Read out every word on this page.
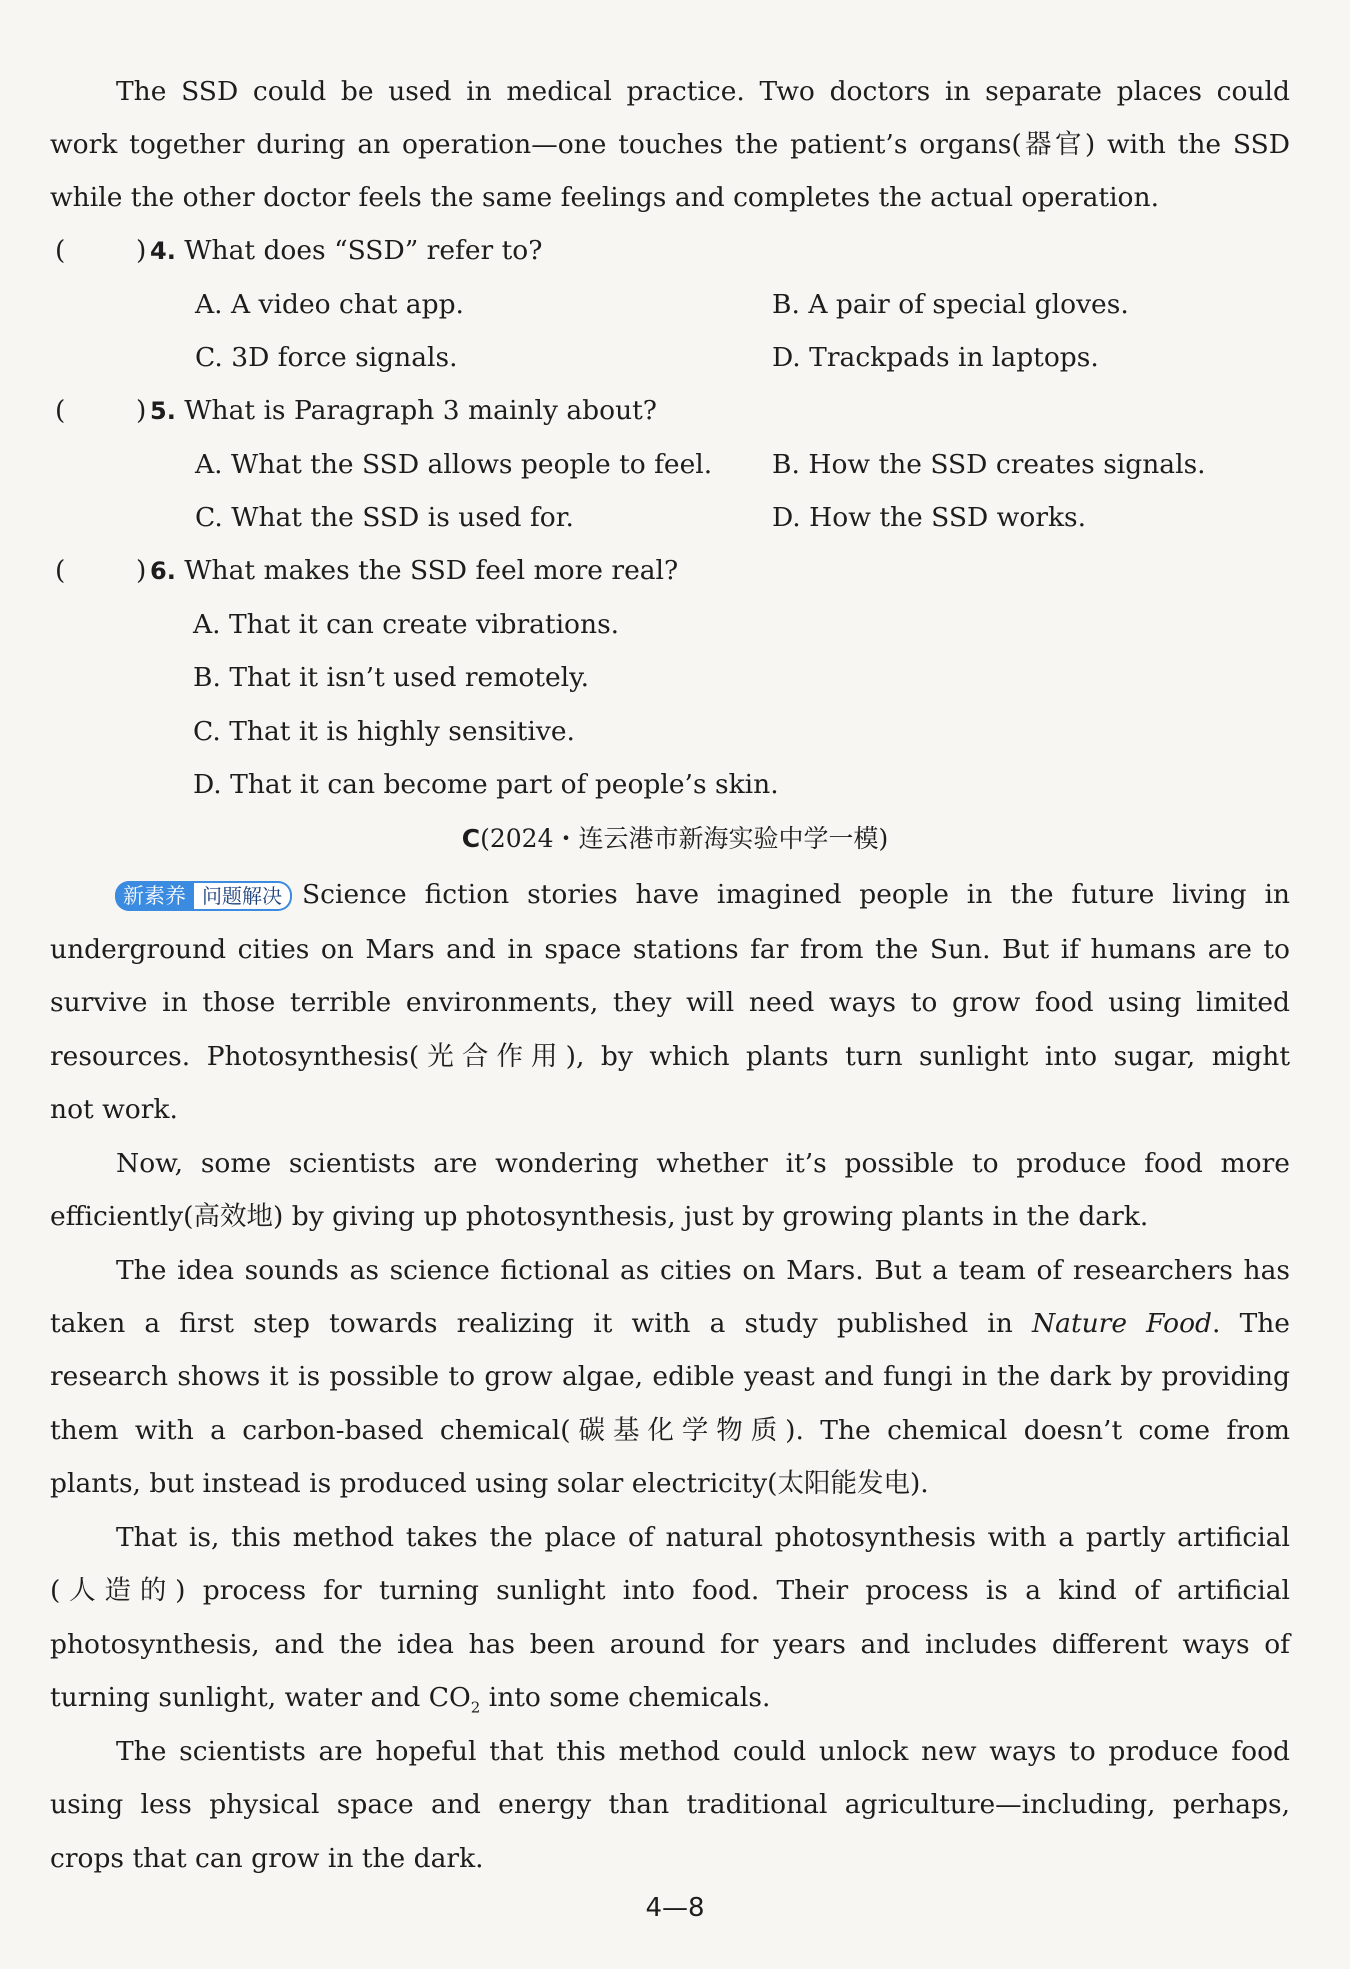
The SSD could be used in medical practice. Two doctors in separate places could
work together during an operation—one touches the patient’s organs(器官) with the SSD
while the other doctor feels the same feelings and completes the actual operation.
(	) 4. What does “SSD” refer to?
A. A video chat app.	B. A pair of special gloves.
C. 3D force signals.	D. Trackpads in laptops.
(	) 5. What is Paragraph 3 mainly about?
A. What the SSD allows people to feel. B. How the SSD creates signals.
C. What the SSD is used for.	D. How the SSD works.
(	) 6. What makes the SSD feel more real?
A. That it can create vibrations.
B. That it isn’t used remotely.
C. That it is highly sensitive.
D. That it can become part of people’s skin.
C(2024・连云港市新海实验中学一模)
新素养 问题解决 Science fiction stories have imagined people in the future living in
underground cities on Mars and in space stations far from the Sun. But if humans are to
survive in those terrible environments, they will need ways to grow food using limited
resources. Photosynthesis(光合作用), by which plants turn sunlight into sugar, might
not work.
Now, some scientists are wondering whether it’s possible to produce food more
efficiently(高效地) by giving up photosynthesis, just by growing plants in the dark.
The idea sounds as science fictional as cities on Mars. But a team of researchers has
taken a first step towards realizing it with a study published in Nature Food. The
research shows it is possible to grow algae, edible yeast and fungi in the dark by providing
them with a carbon-based chemical(碳基化学物质). The chemical doesn’t come from
plants, but instead is produced using solar electricity(太阳能发电).
That is, this method takes the place of natural photosynthesis with a partly artificial
(人造的) process for turning sunlight into food. Their process is a kind of artificial
photosynthesis, and the idea has been around for years and includes different ways of
turning sunlight, water and $CO_2$ into some chemicals.
The scientists are hopeful that this method could unlock new ways to produce food
using less physical space and energy than traditional agriculture—including, perhaps,
crops that can grow in the dark.
4—8
